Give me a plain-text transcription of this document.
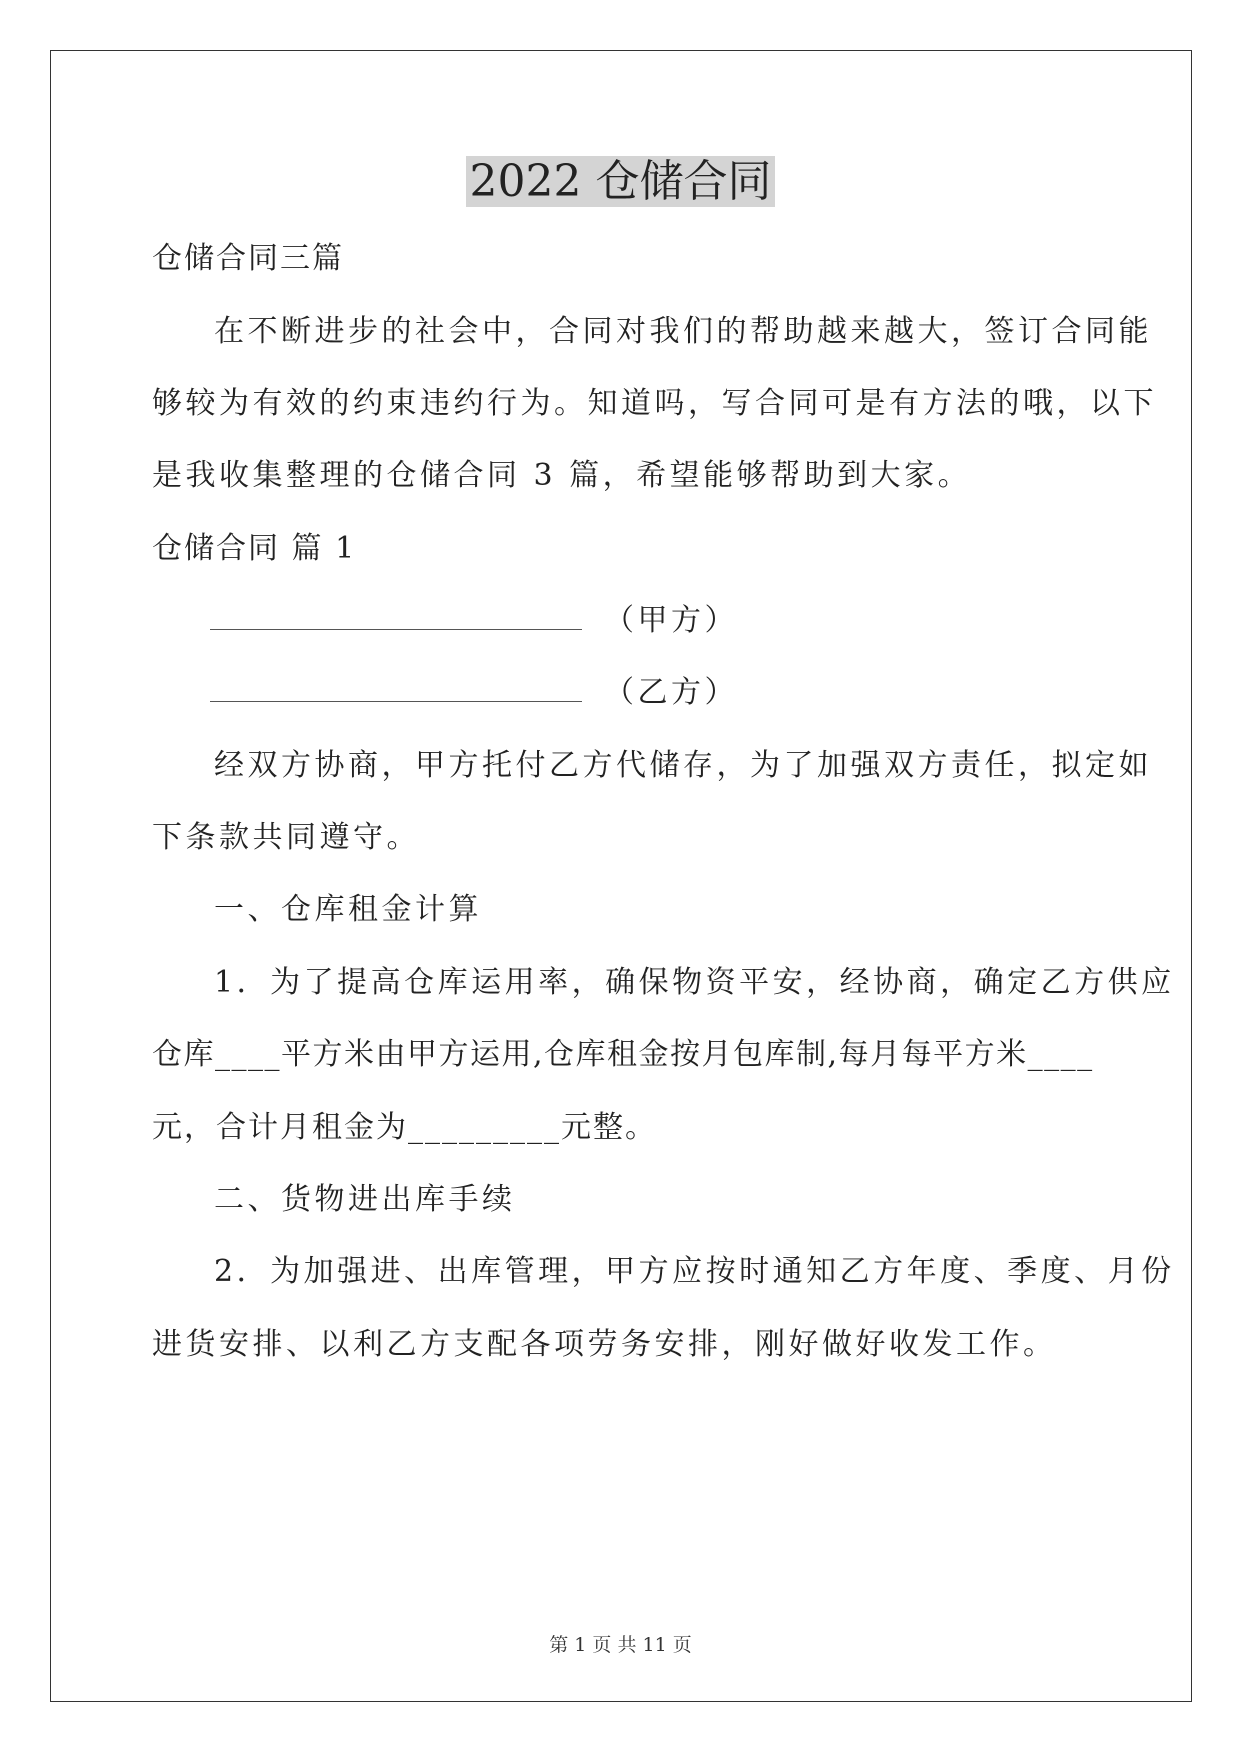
2022 仓储合同
仓储合同三篇
在不断进步的社会中，合同对我们的帮助越来越大，签订合同能
够较为有效的约束违约行为。知道吗，写合同可是有方法的哦，以下
是我收集整理的仓储合同 3 篇，希望能够帮助到大家。
仓储合同 篇 1
（甲方）
（乙方）
经双方协商，甲方托付乙方代储存，为了加强双方责任，拟定如
下条款共同遵守。
一、仓库租金计算
1．为了提高仓库运用率，确保物资平安，经协商，确定乙方供应
仓库____平方米由甲方运用,仓库租金按月包库制,每月每平方米____
元，合计月租金为_________元整。
二、货物进出库手续
2．为加强进、出库管理，甲方应按时通知乙方年度、季度、月份
进货安排、以利乙方支配各项劳务安排，刚好做好收发工作。
第 1 页 共 11 页
